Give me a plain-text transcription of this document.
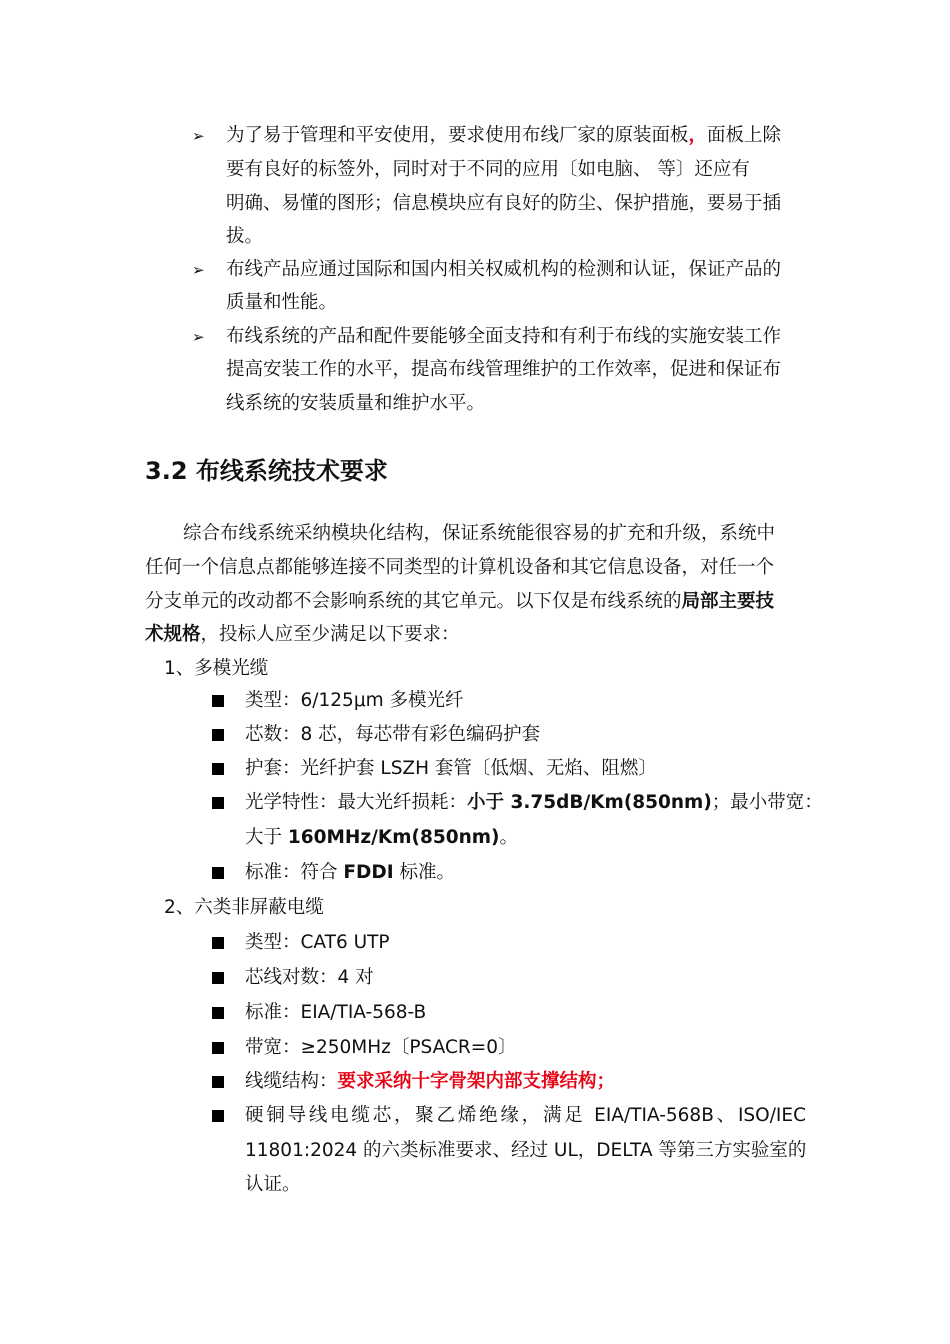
➢ 为了易于管理和平安使用，要求使用布线厂家的原装面板，面板上除
要有良好的标签外，同时对于不同的应用〔如电脑、 等〕还应有
明确、易懂的图形；信息模块应有良好的防尘、保护措施，要易于插
拔。
➢ 布线产品应通过国际和国内相关权威机构的检测和认证，保证产品的
质量和性能。
➢ 布线系统的产品和配件要能够全面支持和有利于布线的实施安装工作
提高安装工作的水平，提高布线管理维护的工作效率，促进和保证布
线系统的安装质量和维护水平。
3.2 布线系统技术要求
综合布线系统采纳模块化结构，保证系统能很容易的扩充和升级，系统中
任何一个信息点都能够连接不同类型的计算机设备和其它信息设备，对任一个
分支单元的改动都不会影响系统的其它单元。以下仅是布线系统的局部主要技
术规格，投标人应至少满足以下要求：
1、多模光缆
类型：6/125μm 多模光纤
芯数：8 芯，每芯带有彩色编码护套
护套：光纤护套 LSZH 套管〔低烟、无焰、阻燃〕
光学特性：最大光纤损耗：小于 3.75dB/Km(850nm)；最小带宽：
大于 160MHz/Km(850nm)。
标准：符合 FDDI 标准。
2、六类非屏蔽电缆
类型：CAT6 UTP
芯线对数：4 对
标准：EIA/TIA-568-B
带宽：≥250MHz〔PSACR=0〕
线缆结构：要求采纳十字骨架内部支撑结构；
硬铜导线电缆芯，聚乙烯绝缘，满足 EIA/TIA-568B、ISO/IEC
11801:2024 的六类标准要求、经过 UL，DELTA 等第三方实验室的
认证。
